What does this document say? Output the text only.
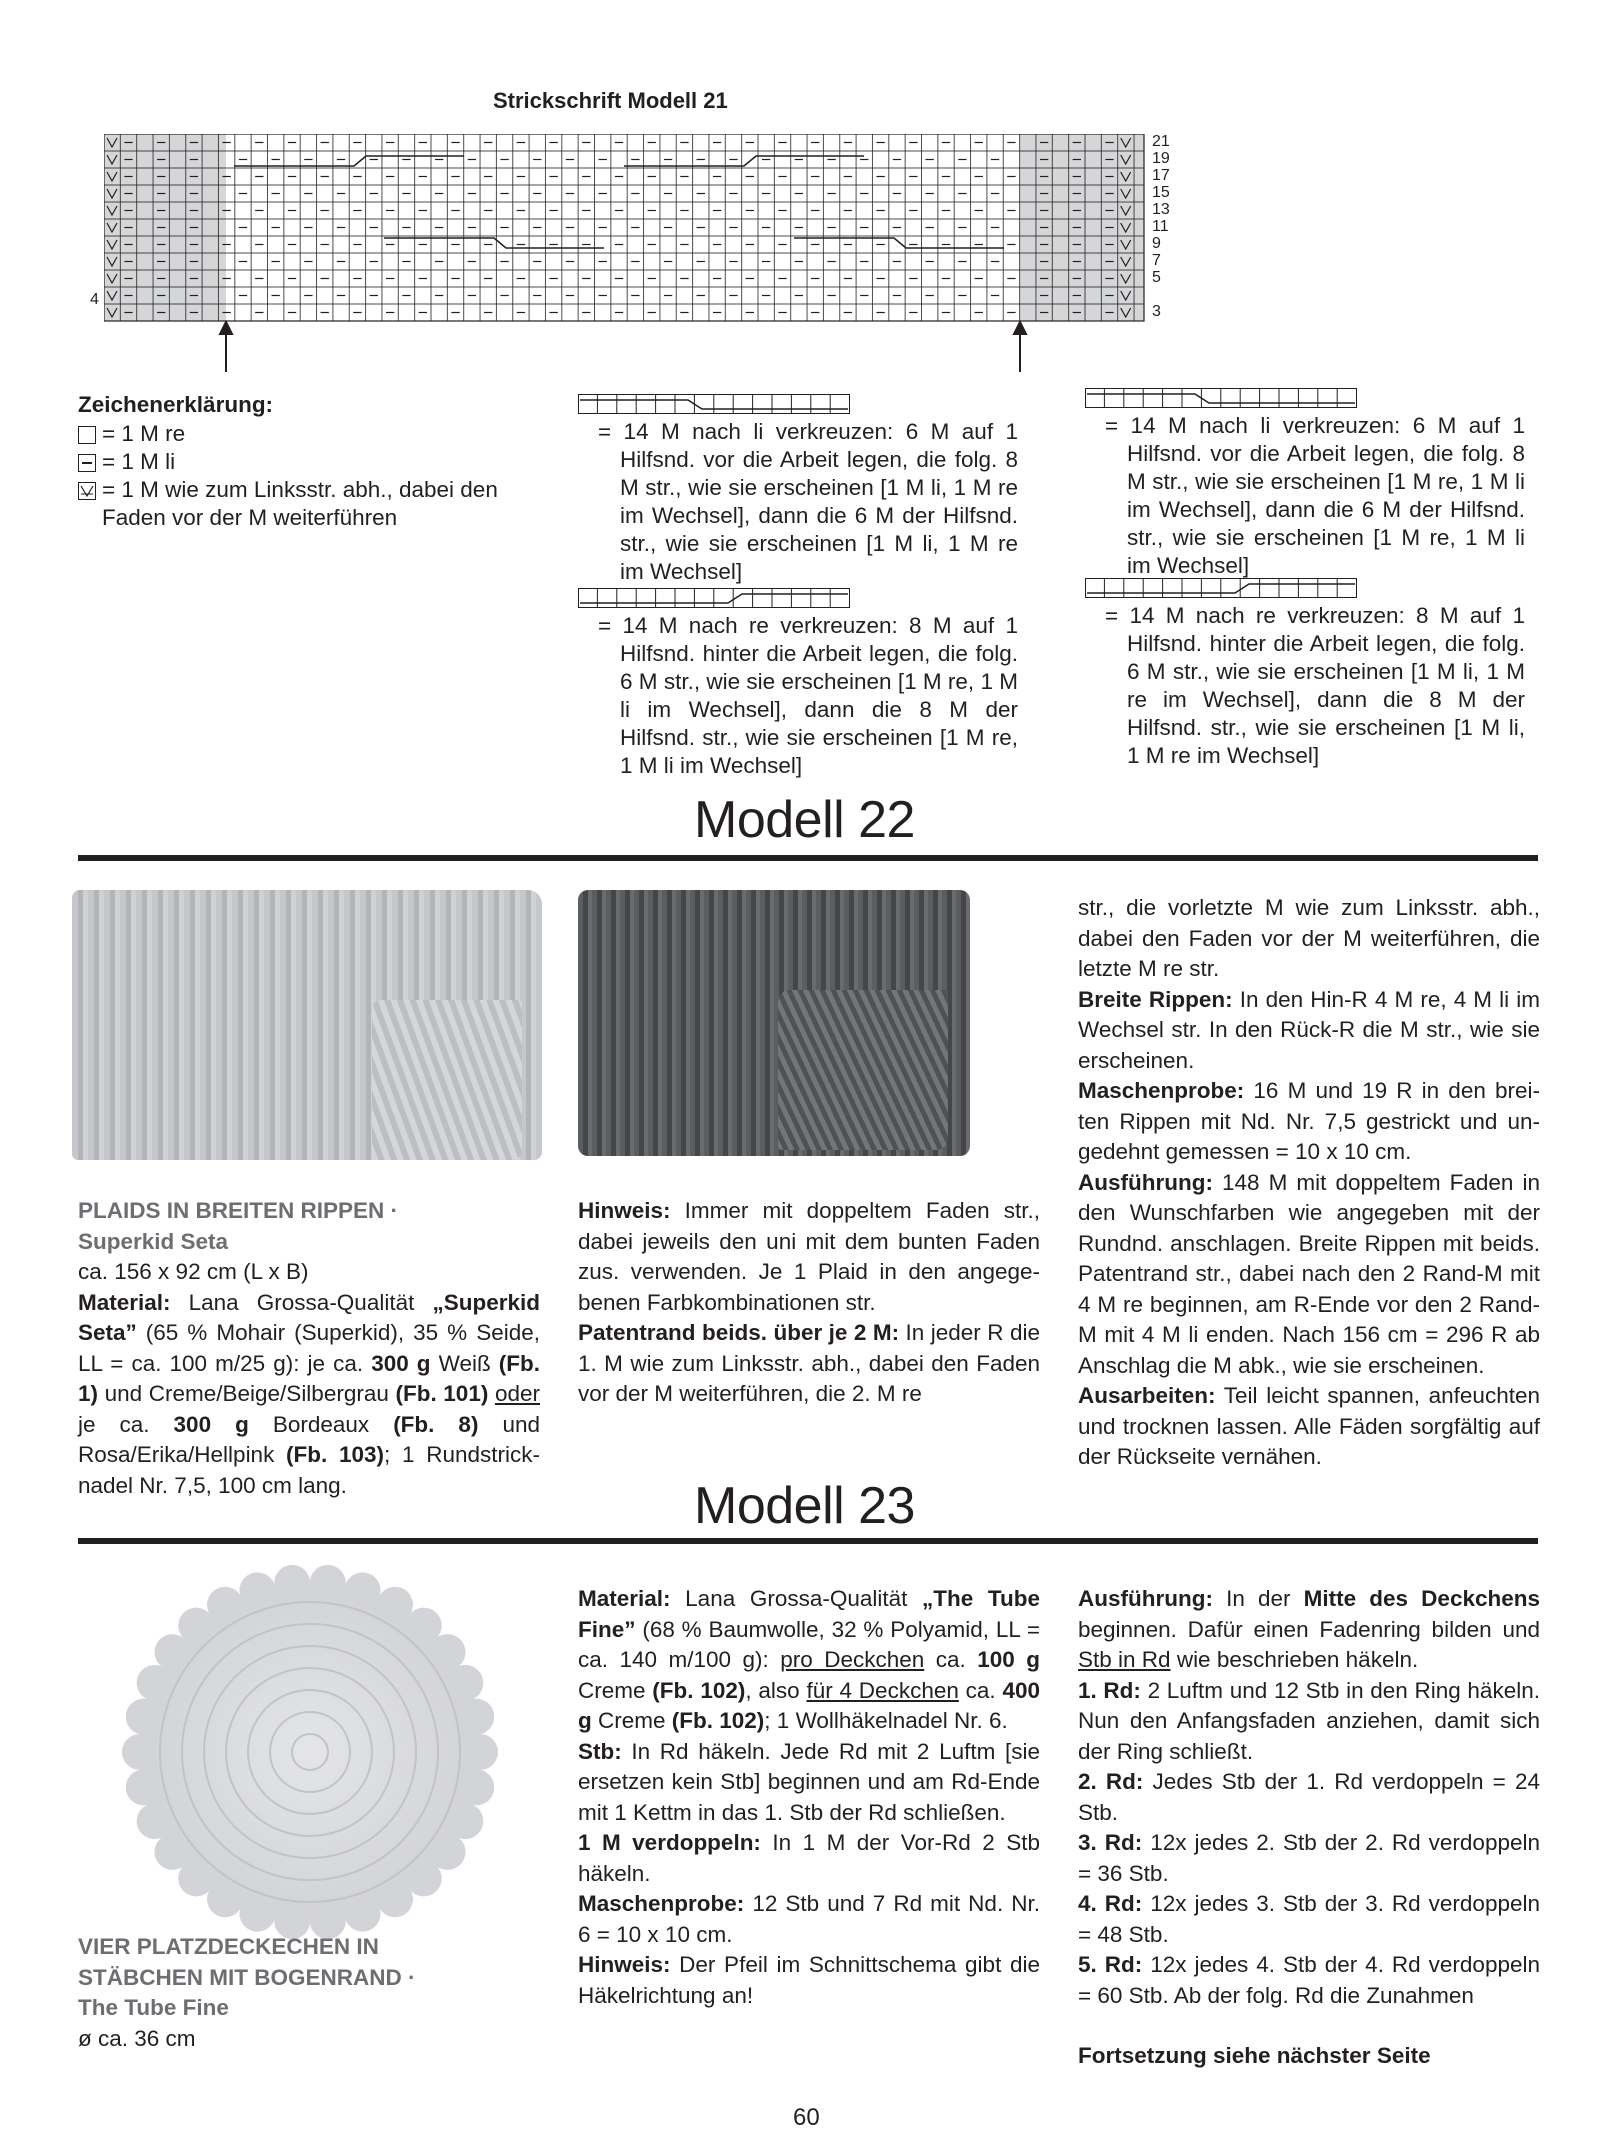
Strickschrift Modell 21
4
21
19
17
15
13
11
9
7
5
3
Zeichenerklärung:
= 1 M re
= 1 M li
= 1 M wie zum Linksstr. abh., dabei den Faden vor der M weiterführen
= 14 M nach li verkreuzen: 6 M auf 1 Hilfsnd. vor die Arbeit legen, die folg. 8 M str., wie sie erscheinen [1 M li, 1 M re im Wechsel], dann die 6 M der Hilfsnd. str., wie sie erscheinen [1 M li, 1 M re im Wechsel]
= 14 M nach re verkreuzen: 8 M auf 1 Hilfsnd. hinter die Arbeit legen, die folg. 6 M str., wie sie erscheinen [1 M re, 1 M li im Wechsel], dann die 8 M der Hilfsnd. str., wie sie erscheinen [1 M re, 1 M li im Wechsel]
= 14 M nach li verkreuzen: 6 M auf 1 Hilfsnd. vor die Arbeit legen, die folg. 8 M str., wie sie erscheinen [1 M re, 1 M li im Wechsel], dann die 6 M der Hilfsnd. str., wie sie erscheinen [1 M re, 1 M li im Wechsel]
= 14 M nach re verkreuzen: 8 M auf 1 Hilfsnd. hinter die Arbeit legen, die folg. 6 M str., wie sie erscheinen [1 M li, 1 M re im Wechsel], dann die 8 M der Hilfsnd. str., wie sie erscheinen [1 M li, 1 M re im Wechsel]
Modell 22
PLAIDS IN BREITEN RIPPEN ·
Superkid Seta
ca. 156 x 92 cm (L x B)
Material: Lana Grossa-Qualität „Superkid Seta” (65 % Mohair (Superkid), 35 % Seide, LL = ca. 100 m/25 g): je ca. 300 g Weiß (Fb. 1) und Creme/Beige/Silbergrau (Fb. 101) oder je ca. 300 g Bordeaux (Fb. 8) und Rosa/Erika/Hellpink (Fb. 103); 1 Rundstricknadel Nr. 7,5, 100 cm lang.
Hinweis: Immer mit doppeltem Faden str., dabei jeweils den uni mit dem bunten Faden zus. verwenden. Je 1 Plaid in den angegebenen Farbkombinationen str.
Patentrand beids. über je 2 M: In jeder R die 1. M wie zum Linksstr. abh., dabei den Faden vor der M weiterführen, die 2. M re
str., die vorletzte M wie zum Linksstr. abh., dabei den Faden vor der M weiterführen, die letzte M re str.
Breite Rippen: In den Hin-R 4 M re, 4 M li im Wechsel str. In den Rück-R die M str., wie sie erscheinen.
Maschenprobe: 16 M und 19 R in den breiten Rippen mit Nd. Nr. 7,5 gestrickt und ungedehnt gemessen = 10 x 10 cm.
Ausführung: 148 M mit doppeltem Faden in den Wunschfarben wie angegeben mit der Rundnd. anschlagen. Breite Rippen mit beids. Patentrand str., dabei nach den 2 Rand-M mit 4 M re beginnen, am R-Ende vor den 2 Rand-M mit 4 M li enden. Nach 156 cm = 296 R ab Anschlag die M abk., wie sie erscheinen.
Ausarbeiten: Teil leicht spannen, anfeuchten und trocknen lassen. Alle Fäden sorgfältig auf der Rückseite vernähen.
Modell 23
VIER PLATZDECKECHEN IN
STÄBCHEN MIT BOGENRAND ·
The Tube Fine
ø ca. 36 cm
Material: Lana Grossa-Qualität „The Tube Fine” (68 % Baumwolle, 32 % Polyamid, LL = ca. 140 m/100 g): pro Deckchen ca. 100 g Creme (Fb. 102), also für 4 Deckchen ca. 400 g Creme (Fb. 102); 1 Wollhäkelnadel Nr. 6.
Stb: In Rd häkeln. Jede Rd mit 2 Luftm [sie ersetzen kein Stb] beginnen und am Rd-Ende mit 1 Kettm in das 1. Stb der Rd schließen.
1 M verdoppeln: In 1 M der Vor-Rd 2 Stb häkeln.
Maschenprobe: 12 Stb und 7 Rd mit Nd. Nr. 6 = 10 x 10 cm.
Hinweis: Der Pfeil im Schnittschema gibt die Häkelrichtung an!
Ausführung: In der Mitte des Deckchens beginnen. Dafür einen Fadenring bilden und Stb in Rd wie beschrieben häkeln.
1. Rd: 2 Luftm und 12 Stb in den Ring häkeln. Nun den Anfangsfaden anziehen, damit sich der Ring schließt.
2. Rd: Jedes Stb der 1. Rd verdoppeln = 24 Stb.
3. Rd: 12x jedes 2. Stb der 2. Rd verdoppeln = 36 Stb.
4. Rd: 12x jedes 3. Stb der 3. Rd verdoppeln = 48 Stb.
5. Rd: 12x jedes 4. Stb der 4. Rd verdoppeln = 60 Stb. Ab der folg. Rd die Zunahmen
Fortsetzung siehe nächster Seite
60
